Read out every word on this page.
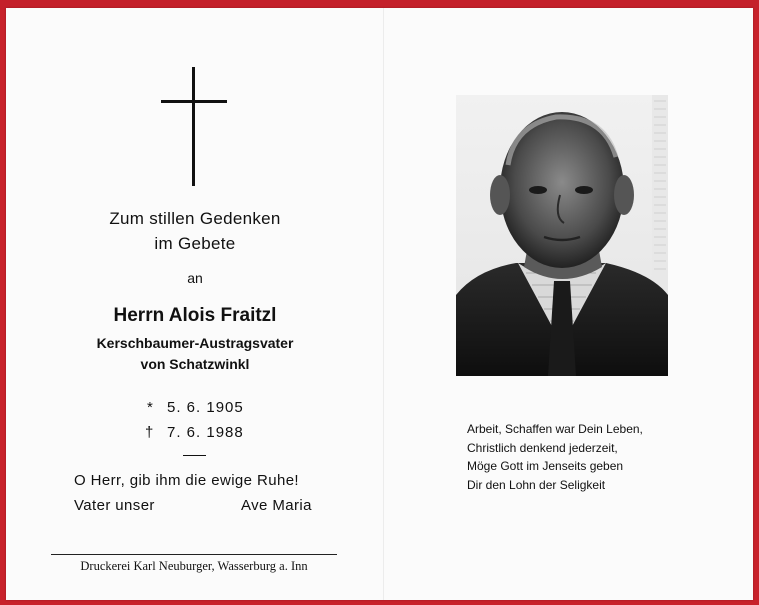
Zum stillen Gedenken
im Gebete
an
Herrn Alois Fraitzl
Kerschbaumer-Austragsvater
von Schatzwinkl
* 5. 6. 1905
† 7. 6. 1988
O Herr, gib ihm die ewige Ruhe!
Vater unser	Ave Maria
Druckerei Karl Neuburger, Wasserburg a. Inn
Arbeit, Schaffen war Dein Leben,
Christlich denkend jederzeit,
Möge Gott im Jenseits geben
Dir den Lohn der Seligkeit
